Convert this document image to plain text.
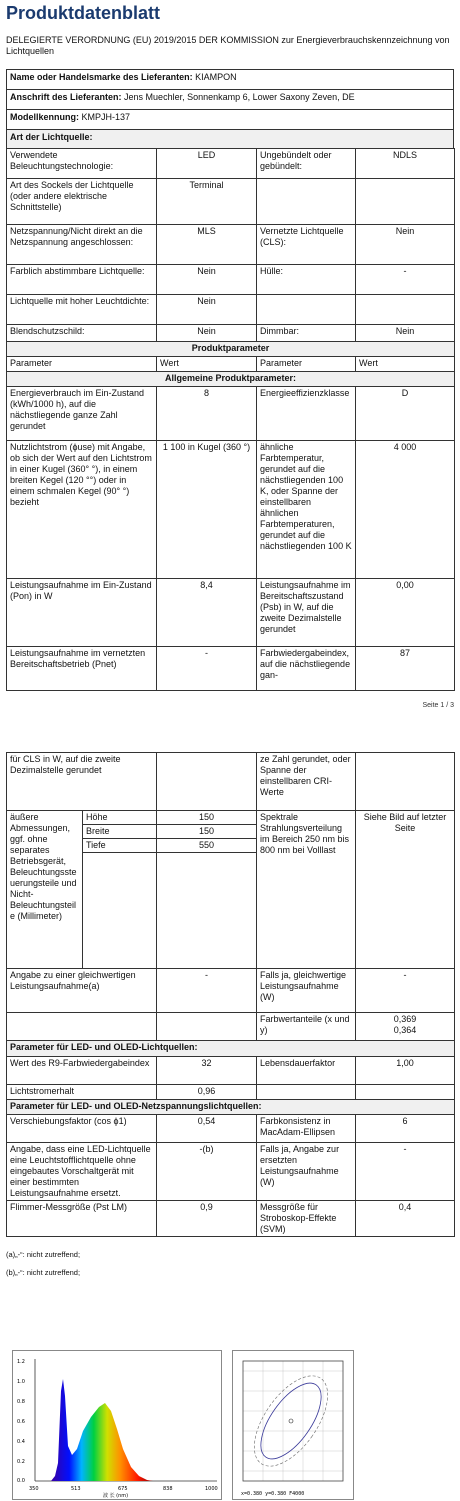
Produktdatenblatt
DELEGIERTE VERORDNUNG (EU) 2019/2015 DER KOMMISSION zur Energieverbrauchskennzeichnung von Lichtquellen
Name oder Handelsmarke des Lieferanten: KIAMPON
Anschrift des Lieferanten: Jens Muechler, Sonnenkamp 6, Lower Saxony Zeven, DE
Modellkennung: KMPJH-137
Art der Lichtquelle:
Verwendete Beleuchtungstechnologie:	LED	Ungebündelt oder gebündelt:	NDLS
Art des Sockels der Lichtquelle (oder andere elektrische Schnittstelle)	Terminal		
Netzspannung/Nicht direkt an die Netzspannung angeschlossen:	MLS	Vernetzte Lichtquelle (CLS):	Nein
Farblich abstimmbare Lichtquelle:	Nein	Hülle:	-
Lichtquelle mit hoher Leuchtdichte:	Nein		
Blendschutzschild:	Nein	Dimmbar:	Nein
Produktparameter			
Parameter	Wert	Parameter	Wert
Allgemeine Produktparameter:			
Energieverbrauch im Ein-Zustand (kWh/1000 h), auf die nächstliegende ganze Zahl gerundet	8	Energieeffizienzklasse	D
Nutzlichtstrom (ϕuse) mit Angabe, ob sich der Wert auf den Lichtstrom in einer Kugel (360° °), in einem breiten Kegel (120 °°) oder in einem schmalen Kegel (90° °) bezieht	1 100 in Kugel (360 °)	ähnliche Farbtemperatur, gerundet auf die nächstliegenden 100 K, oder Spanne der einstellbaren ähnlichen Farbtemperaturen, gerundet auf die nächstliegenden 100 K	4 000
Leistungsaufnahme im Ein-Zustand (Pon) in W	8,4	Leistungsaufnahme im Bereitschaftszustand (Psb) in W, auf die zweite Dezimalstelle gerundet	0,00
Leistungsaufnahme im vernetzten Bereitschaftsbetrieb (Pnet)	-	Farbwiedergabeindex, auf die nächstliegende gan-	87
Seite 1 / 3
für CLS in W, auf die zweite Dezimalstelle gerundet			ze Zahl gerundet, oder Spanne der einstellbaren CRI-Werte	
äußere Abmessungen, ggf. ohne separates Betriebsgerät, Beleuchtungssteuerungsteile und Nicht-Beleuchtungsteile (Millimeter)	Höhe	150	Spektrale Strahlungsverteilung im Bereich 250 nm bis 800 nm bei Volllast	Siehe Bild auf letzter Seite
	Breite	150		
	Tiefe	550		

Angabe zu einer gleichwertigen Leistungsaufnahme(a)		-	Falls ja, gleichwertige Leistungsaufnahme (W)	-
			Farbwertanteile (x und y)	0,369
0,364
Parameter für LED- und OLED-Lichtquellen:				
Wert des R9-Farbwiedergabeindex		32	Lebensdauerfaktor	1,00
Lichtstromerhalt		0,96		
Parameter für LED- und OLED-Netzspannungslichtquellen:				
Verschiebungsfaktor (cos ϕ1)		0,54	Farbkonsistenz in MacAdam-Ellipsen	6
Angabe, dass eine LED-Lichtquelle eine Leuchtstofflichtquelle ohne eingebautes Vorschaltgerät mit einer bestimmten Leistungsaufnahme ersetzt.		-(b)	Falls ja, Angabe zur ersetzten Leistungsaufnahme (W)	-
Flimmer-Messgröße (Pst LM)		0,9	Messgröße für Stroboskop-Effekte (SVM)	0,4
(a)„-“: nicht zutreffend;
(b)„-“: nicht zutreffend;
1.2
1.0
0.8
0.6
0.4
0.2
0.0
350	513	675	838	1000
波 长 (nm)	x=0.380 y=0.380 F4000
